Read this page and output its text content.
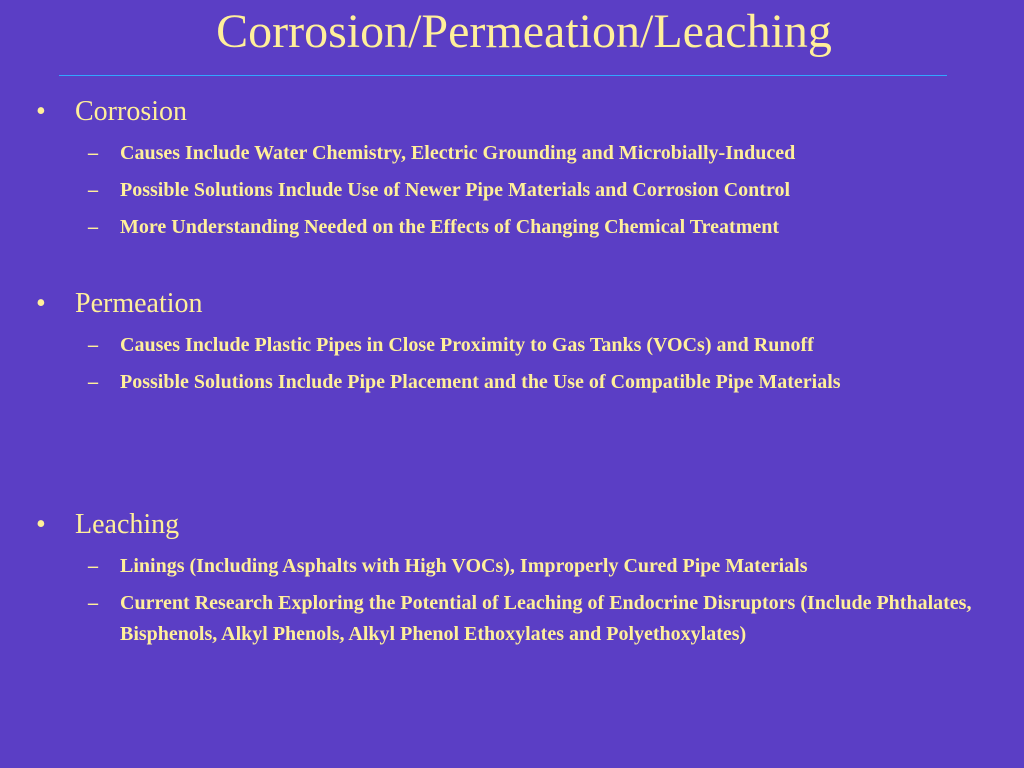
Corrosion/Permeation/Leaching
• Corrosion
– Causes Include Water Chemistry, Electric Grounding and Microbially-Induced
– Possible Solutions Include Use of Newer Pipe Materials and Corrosion Control
– More Understanding Needed on the Effects of Changing Chemical Treatment
• Permeation
– Causes Include Plastic Pipes in Close Proximity to Gas Tanks (VOCs) and Runoff
– Possible Solutions Include Pipe Placement and the Use of Compatible Pipe Materials
• Leaching
– Linings (Including Asphalts with High VOCs), Improperly Cured Pipe Materials
– Current Research Exploring the Potential of Leaching of Endocrine Disruptors (Include Phthalates, Bisphenols, Alkyl Phenols, Alkyl Phenol Ethoxylates and Polyethoxylates)
